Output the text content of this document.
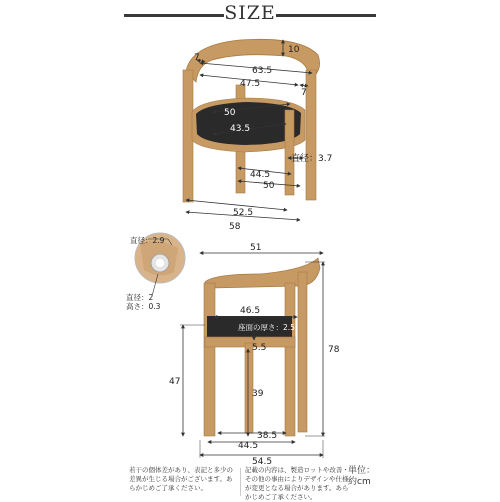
SIZE
10
7
63.5
47.5
7
50
43.5
直径：3.7
44.5
50
52.5
58
直径：2.9
直径：2
高さ：0.3
51
46.5
座面の厚さ：2.5
5.5	78
47
39
38.5
44.5
54.5
若干の個体差があり、表記と多少の差異が生じる場合がございます。あらかじめご了承ください。
記載の内容は、製造ロットや改善・その他の事由によりデザインや仕様が変更となる場合があります。あらかじめご了承ください。
単位：
約cm
